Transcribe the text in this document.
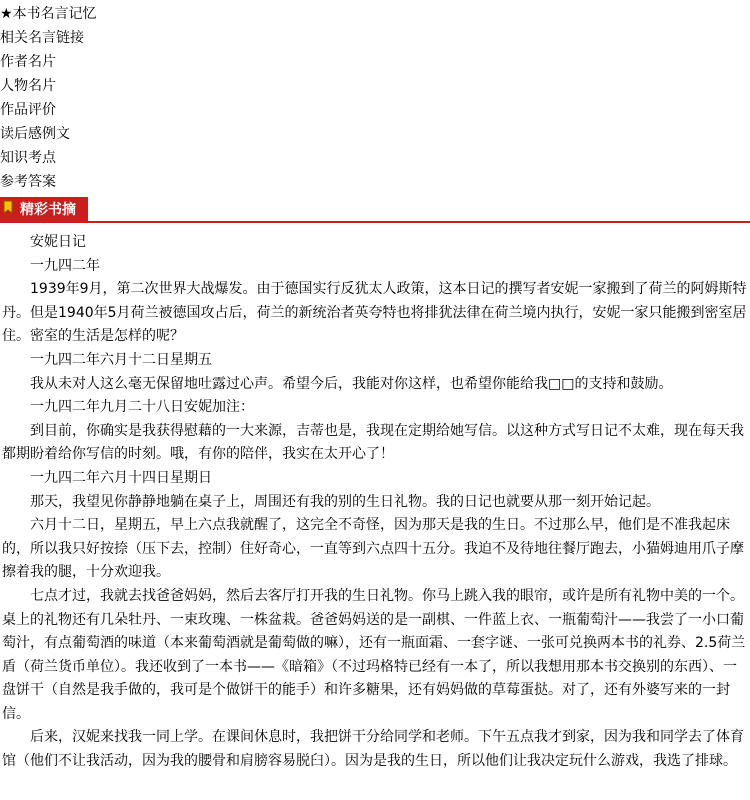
★本书名言记忆
相关名言链接
作者名片
人物名片
作品评价
读后感例文
知识考点
参考答案
精彩书摘

安妮日记

一九四二年

1939年9月，第二次世界大战爆发。由于德国实行反犹太人政策，这本日记的撰写者安妮一家搬到了荷兰的阿姆斯特丹。但是1940年5月荷兰被德国攻占后，荷兰的新统治者英夸特也将排犹法律在荷兰境内执行，安妮一家只能搬到密室居住。密室的生活是怎样的呢？

一九四二年六月十二日星期五

我从未对人这么毫无保留地吐露过心声。希望今后，我能对你这样，也希望你能给我□□的支持和鼓励。

一九四二年九月二十八日安妮加注：

到目前，你确实是我获得慰藉的一大来源，吉蒂也是，我现在定期给她写信。以这种方式写日记不太难，现在每天我都期盼着给你写信的时刻。哦，有你的陪伴，我实在太开心了！

一九四二年六月十四日星期日

那天，我望见你静静地躺在桌子上，周围还有我的别的生日礼物。我的日记也就要从那一刻开始记起。

六月十二日，星期五，早上六点我就醒了，这完全不奇怪，因为那天是我的生日。不过那么早，他们是不准我起床的，所以我只好按捺（压下去，控制）住好奇心，一直等到六点四十五分。我迫不及待地往餐厅跑去，小猫姆迪用爪子摩擦着我的腿，十分欢迎我。

七点才过，我就去找爸爸妈妈，然后去客厅打开我的生日礼物。你马上跳入我的眼帘，或许是所有礼物中美的一个。桌上的礼物还有几朵牡丹、一束玫瑰、一株盆栽。爸爸妈妈送的是一副棋、一件蓝上衣、一瓶葡萄汁——我尝了一小口葡萄汁，有点葡萄酒的味道（本来葡萄酒就是葡萄做的嘛），还有一瓶面霜、一套字谜、一张可兑换两本书的礼券、2.5荷兰盾（荷兰货币单位）。我还收到了一本书——《暗箱》（不过玛格特已经有一本了，所以我想用那本书交换别的东西）、一盘饼干（自然是我手做的，我可是个做饼干的能手）和许多糖果，还有妈妈做的草莓蛋挞。对了，还有外婆写来的一封信。

后来，汉妮来找我一同上学。在课间休息时，我把饼干分给同学和老师。下午五点我才到家，因为我和同学去了体育馆（他们不让我活动，因为我的腰骨和肩膀容易脱臼）。因为是我的生日，所以他们让我决定玩什么游戏，我选了排球。
